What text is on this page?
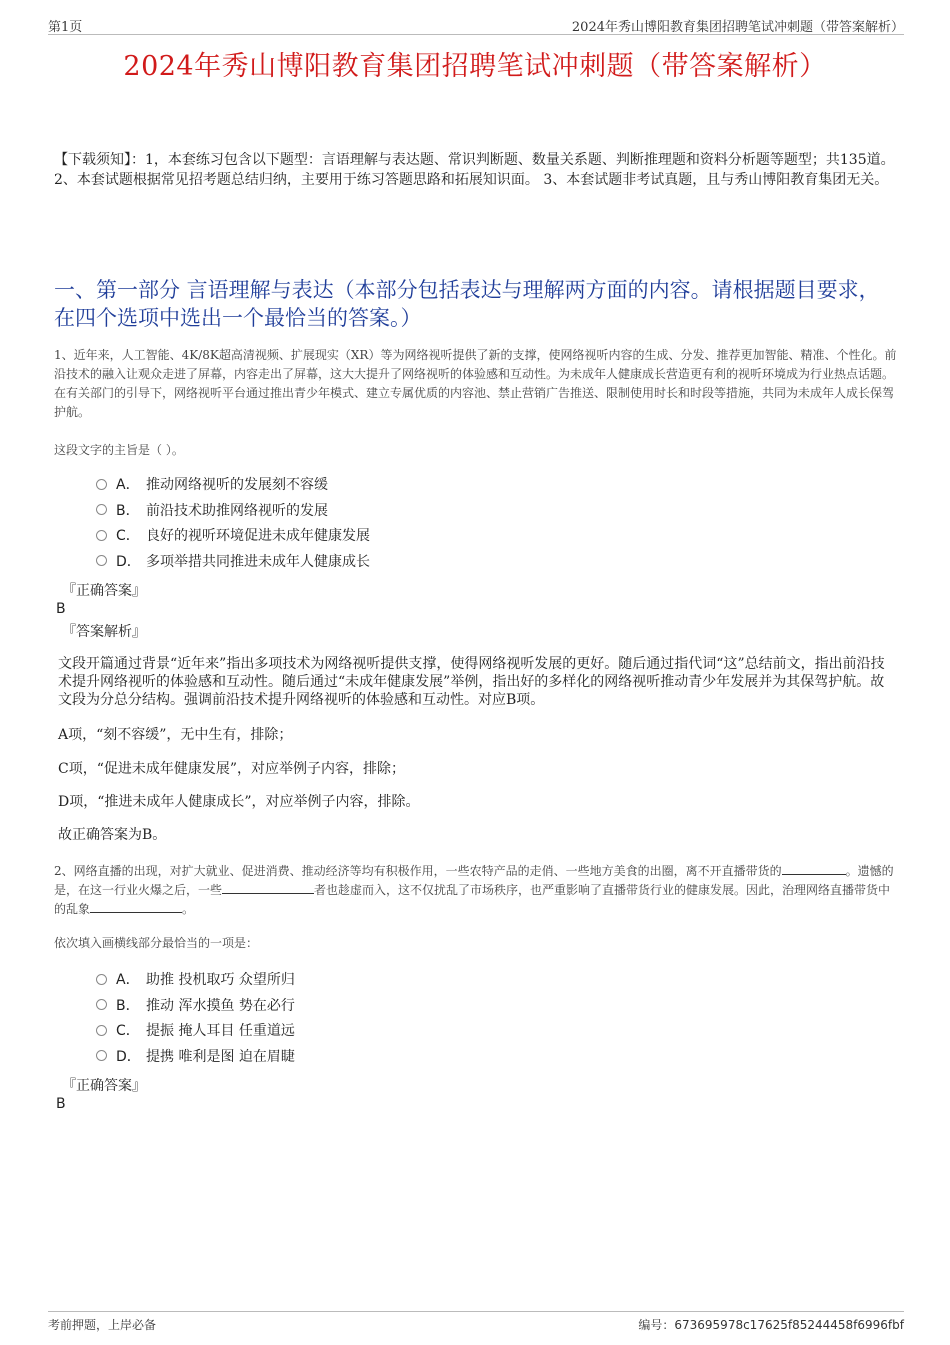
第1页	2024年秀山博阳教育集团招聘笔试冲刺题（带答案解析）
2024年秀山博阳教育集团招聘笔试冲刺题（带答案解析）
【下载须知】：1，本套练习包含以下题型：言语理解与表达题、常识判断题、数量关系题、判断推理题和资料分析题等题型；共135道。 2、本套试题根据常见招考题总结归纳，主要用于练习答题思路和拓展知识面。 3、本套试题非考试真题，且与秀山博阳教育集团无关。
一、第一部分 言语理解与表达（本部分包括表达与理解两方面的内容。请根据题目要求，在四个选项中选出一个最恰当的答案。）
1、近年来，人工智能、4K/8K超高清视频、扩展现实（XR）等为网络视听提供了新的支撑，使网络视听内容的生成、分发、推荐更加智能、精准、个性化。前沿技术的融入让观众走进了屏幕，内容走出了屏幕，这大大提升了网络视听的体验感和互动性。为未成年人健康成长营造更有利的视听环境成为行业热点话题。在有关部门的引导下，网络视听平台通过推出青少年模式、建立专属优质的内容池、禁止营销广告推送、限制使用时长和时段等措施，共同为未成年人成长保驾护航。
这段文字的主旨是（ ）。
A． 推动网络视听的发展刻不容缓
B． 前沿技术助推网络视听的发展
C． 良好的视听环境促进未成年健康发展
D． 多项举措共同推进未成年人健康成长
『正确答案』
B
『答案解析』
文段开篇通过背景“近年来”指出多项技术为网络视听提供支撑，使得网络视听发展的更好。随后通过指代词“这”总结前文，指出前沿技术提升网络视听的体验感和互动性。随后通过“未成年健康发展”举例，指出好的多样化的网络视听推动青少年发展并为其保驾护航。故文段为分总分结构。强调前沿技术提升网络视听的体验感和互动性。对应B项。
A项，“刻不容缓”，无中生有，排除；
C项，“促进未成年健康发展”，对应举例子内容，排除；
D项，“推进未成年人健康成长”，对应举例子内容，排除。
故正确答案为B。
2、网络直播的出现，对扩大就业、促进消费、推动经济等均有积极作用，一些农特产品的走俏、一些地方美食的出圈，离不开直播带货的	。遗憾的是，在这一行业火爆之后，一些	者也趁虚而入，这不仅扰乱了市场秩序，也严重影响了直播带货行业的健康发展。因此，治理网络直播带货中的乱象	。
依次填入画横线部分最恰当的一项是：
A． 助推 投机取巧 众望所归
B． 推动 浑水摸鱼 势在必行
C． 提振 掩人耳目 任重道远
D． 提携 唯利是图 迫在眉睫
『正确答案』
B
考前押题，上岸必备	编号：673695978c17625f85244458f6996fbf
